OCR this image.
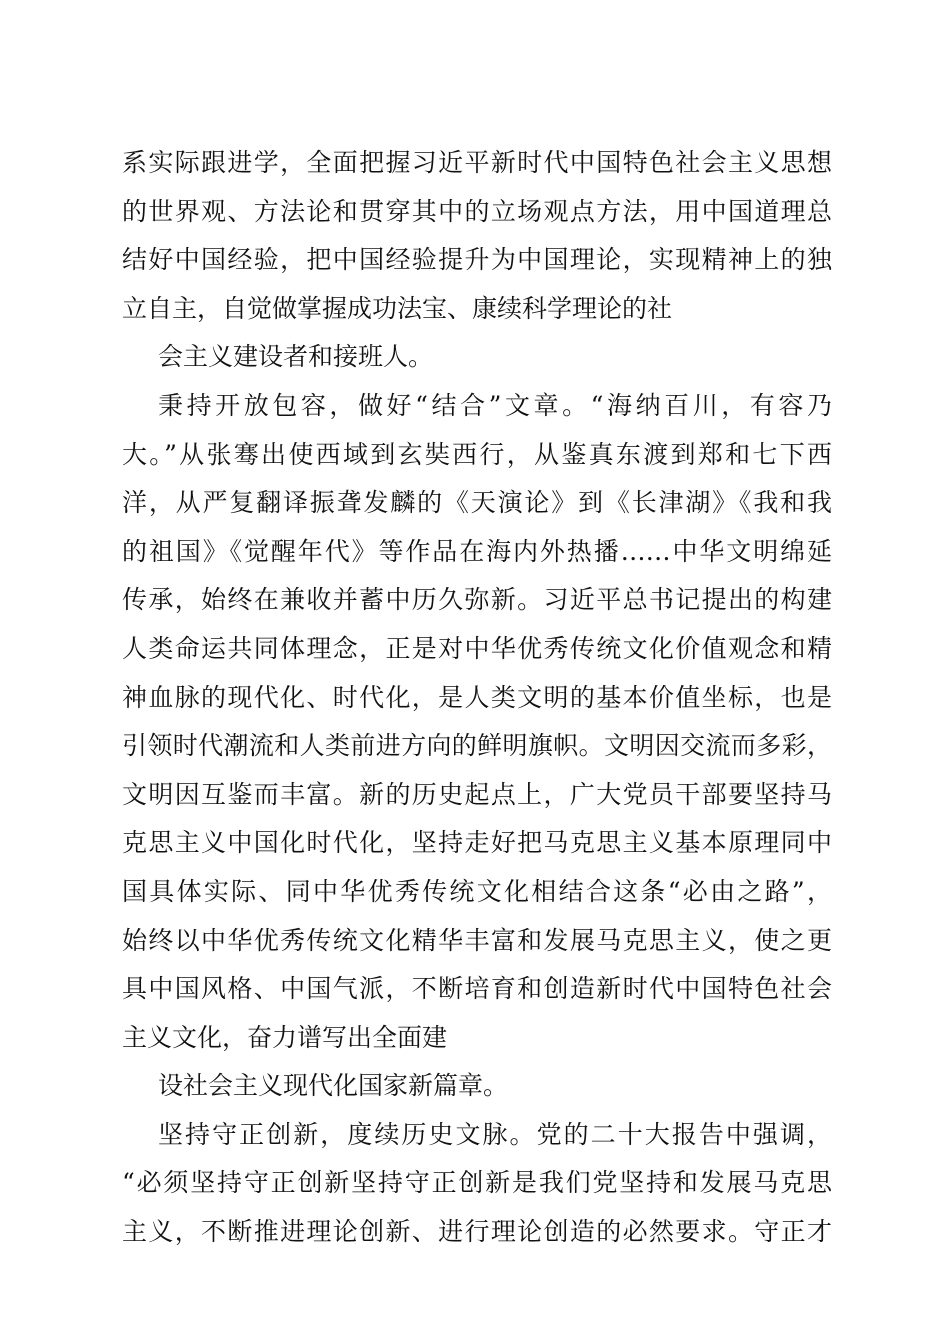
系实际跟进学，全面把握习近平新时代中国特色社会主义思想
的世界观、方法论和贯穿其中的立场观点方法，用中国道理总
结好中国经验，把中国经验提升为中国理论，实现精神上的独
立自主，自觉做掌握成功法宝、康续科学理论的社
会主义建设者和接班人。
秉持开放包容，做好“结合”文章。“海纳百川，有容乃
大。”从张骞出使西域到玄奘西行，从鉴真东渡到郑和七下西
洋，从严复翻译振聋发麟的《天演论》到《长津湖》《我和我
的祖国》《觉醒年代》等作品在海内外热播……中华文明绵延
传承，始终在兼收并蓄中历久弥新。习近平总书记提出的构建
人类命运共同体理念，正是对中华优秀传统文化价值观念和精
神血脉的现代化、时代化，是人类文明的基本价值坐标，也是
引领时代潮流和人类前进方向的鲜明旗帜。文明因交流而多彩，
文明因互鉴而丰富。新的历史起点上，广大党员干部要坚持马
克思主义中国化时代化，坚持走好把马克思主义基本原理同中
国具体实际、同中华优秀传统文化相结合这条“必由之路”，
始终以中华优秀传统文化精华丰富和发展马克思主义，使之更
具中国风格、中国气派，不断培育和创造新时代中国特色社会
主义文化，奋力谱写出全面建
设社会主义现代化国家新篇章。
坚持守正创新，度续历史文脉。党的二十大报告中强调，
“必须坚持守正创新坚持守正创新是我们党坚持和发展马克思
主义，不断推进理论创新、进行理论创造的必然要求。守正才
